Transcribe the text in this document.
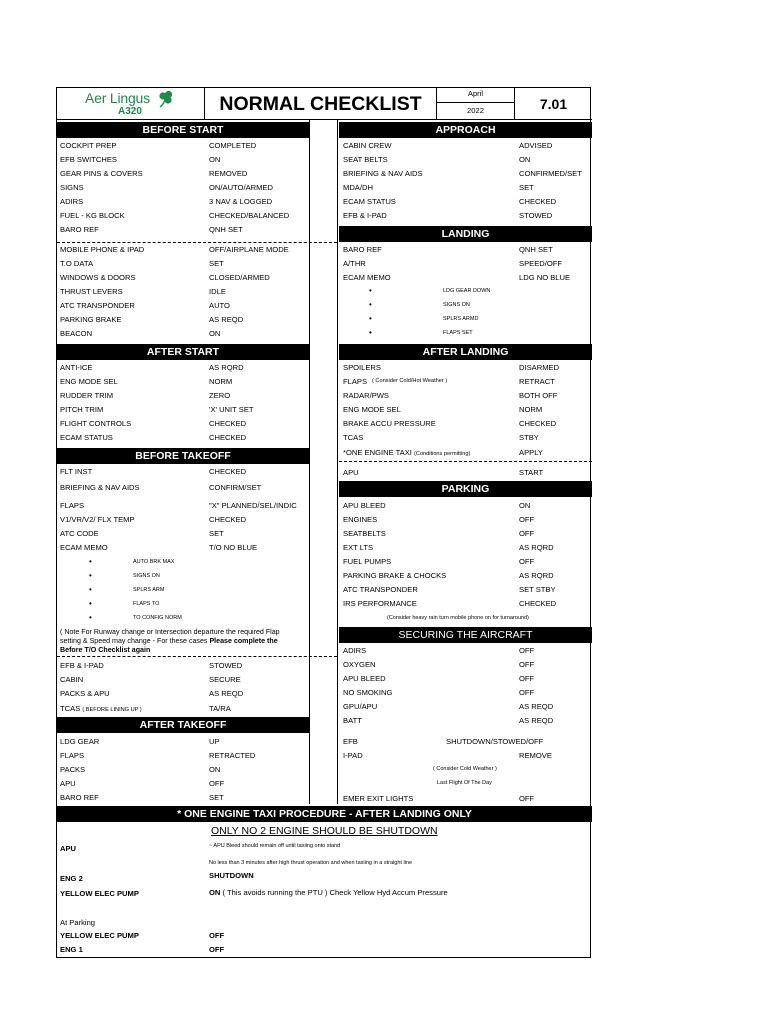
Aer Lingus
A320	NORMAL CHECKLIST	April
2022	7.01
BEFORE START
COCKPIT PREP	COMPLETED
EFB SWITCHES	ON
GEAR PINS & COVERS	REMOVED
SIGNS	ON/AUTO/ARMED
ADIRS	3 NAV & LOGGED
FUEL - KG BLOCK	CHECKED/BALANCED
BARO REF	QNH SET
MOBILE PHONE & IPAD	OFF/AIRPLANE MODE
T.O DATA	SET
WINDOWS & DOORS	CLOSED/ARMED
THRUST LEVERS	IDLE
ATC TRANSPONDER	AUTO
PARKING BRAKE	AS REQD
BEACON	ON
AFTER START
ANTI-ICE	AS RQRD
ENG MODE SEL	NORM
RUDDER TRIM	ZERO
PITCH TRIM	'X' UNIT SET
FLIGHT CONTROLS	CHECKED
ECAM STATUS	CHECKED
BEFORE TAKEOFF
FLT INST	CHECKED
BRIEFING & NAV AIDS	CONFIRM/SET
FLAPS	"X" PLANNED/SEL/INDIC
V1/VR/V2/ FLX TEMP	CHECKED
ATC CODE	SET
ECAM MEMO	T/O NO BLUE
•	AUTO BRK MAX
•	SIGNS ON
•	SPLRS ARM
•	FLAPS TO
•	TO CONFIG NORM
( Note For Runway change or Intersection departure the required Flap
setting & Speed may change - For these cases Please complete the
Before T/O Checklist again
EFB & I-PAD	STOWED
CABIN	SECURE
PACKS & APU	AS REQD
TCAS ( BEFORE LINING UP )	TA/RA
AFTER TAKEOFF
LDG GEAR	UP
FLAPS	RETRACTED
PACKS	ON
APU	OFF
BARO REF	SET
APPROACH
CABIN CREW	ADVISED
SEAT BELTS	ON
BRIEFING & NAV AIDS	CONFIRMED/SET
MDA/DH	SET
ECAM STATUS	CHECKED
EFB & I-PAD	STOWED
LANDING
BARO REF	QNH SET
A/THR	SPEED/OFF
ECAM MEMO	LDG NO BLUE
•	LDG GEAR DOWN
•	SIGNS ON
•	SPLRS ARMD
•	FLAPS SET
AFTER LANDING
SPOILERS	DISARMED
FLAPS	RETRACT
( Consider Cold/Hot Weather )
RADAR/PWS	BOTH OFF
ENG MODE SEL	NORM
BRAKE ACCU PRESSURE	CHECKED
TCAS	STBY
*ONE ENGINE TAXI (Conditions permitting)	APPLY
APU	START
PARKING
APU BLEED	ON
ENGINES	OFF
SEATBELTS	OFF
EXT LTS	AS RQRD
FUEL PUMPS	OFF
PARKING BRAKE & CHOCKS	AS RQRD
ATC TRANSPONDER	SET STBY
IRS PERFORMANCE	CHECKED
(Consider heavy rain turn mobile phone on for turnaround)
SECURING THE AIRCRAFT
ADIRS	OFF
OXYGEN	OFF
APU BLEED	OFF
NO SMOKING	OFF
GPU/APU	AS REQD
BATT	AS REQD
EFB	SHUTDOWN/STOWED/OFF
I-PAD	REMOVE
( Consider Cold Weather )
Last Flight Of The Day
EMER EXIT LIGHTS	OFF
* ONE ENGINE TAXI PROCEDURE - AFTER LANDING ONLY
ONLY NO 2 ENGINE SHOULD BE SHUTDOWN
APU	~ APU Bleed should remain off until taxiing onto stand
No less than 3 minutes after high thrust operation and when taxiing in a straight line
ENG 2	SHUTDOWN
YELLOW ELEC PUMP	ON ( This avoids running the PTU ) Check Yellow Hyd Accum Pressure
At Parking
YELLOW ELEC PUMP	OFF
ENG 1	OFF
